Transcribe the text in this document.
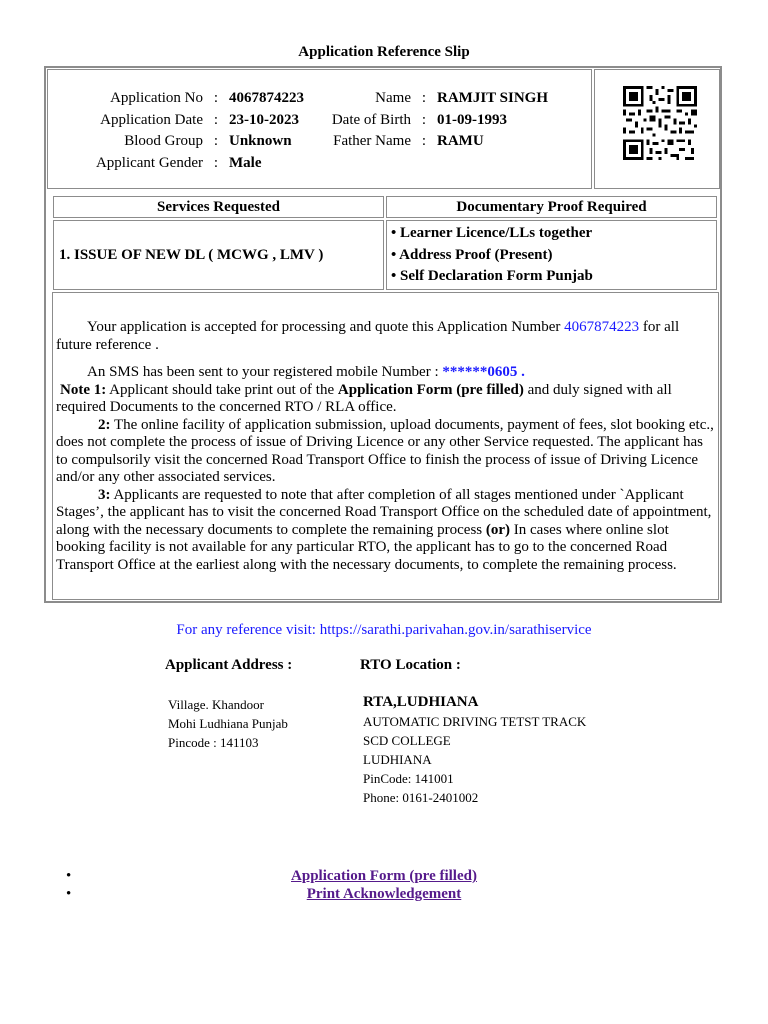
Application Reference Slip
Application No : 4067874223
Application Date : 23-10-2023
Blood Group : Unknown
Applicant Gender : Male
Name : RAMJIT SINGH
Date of Birth : 01-09-1993
Father Name : RAMU
Services Requested	Documentary Proof Required
1. ISSUE OF NEW DL ( MCWG , LMV )
• Learner Licence/LLs together
• Address Proof (Present)
• Self Declaration Form Punjab
Your application is accepted for processing and quote this Application Number 4067874223 for all future reference .
An SMS has been sent to your registered mobile Number : ******0605 .
Note 1: Applicant should take print out of the Application Form (pre filled) and duly signed with all required Documents to the concerned RTO / RLA office.
2: The online facility of application submission, upload documents, payment of fees, slot booking etc., does not complete the process of issue of Driving Licence or any other Service requested. The applicant has to compulsorily visit the concerned Road Transport Office to finish the process of issue of Driving Licence and/or any other associated services.
3: Applicants are requested to note that after completion of all stages mentioned under `Applicant Stages’, the applicant has to visit the concerned Road Transport Office on the scheduled date of appointment, along with the necessary documents to complete the remaining process (or) In cases where online slot booking facility is not available for any particular RTO, the applicant has to go to the concerned Road Transport Office at the earliest along with the necessary documents, to complete the remaining process.
For any reference visit: https://sarathi.parivahan.gov.in/sarathiservice
Applicant Address :	RTO Location :
Village. Khandoor
Mohi Ludhiana Punjab
Pincode : 141103
RTA,LUDHIANA
AUTOMATIC DRIVING TETST TRACK
SCD COLLEGE
LUDHIANA
PinCode: 141001
Phone: 0161-2401002
•	Application Form (pre filled)
•	Print Acknowledgement
